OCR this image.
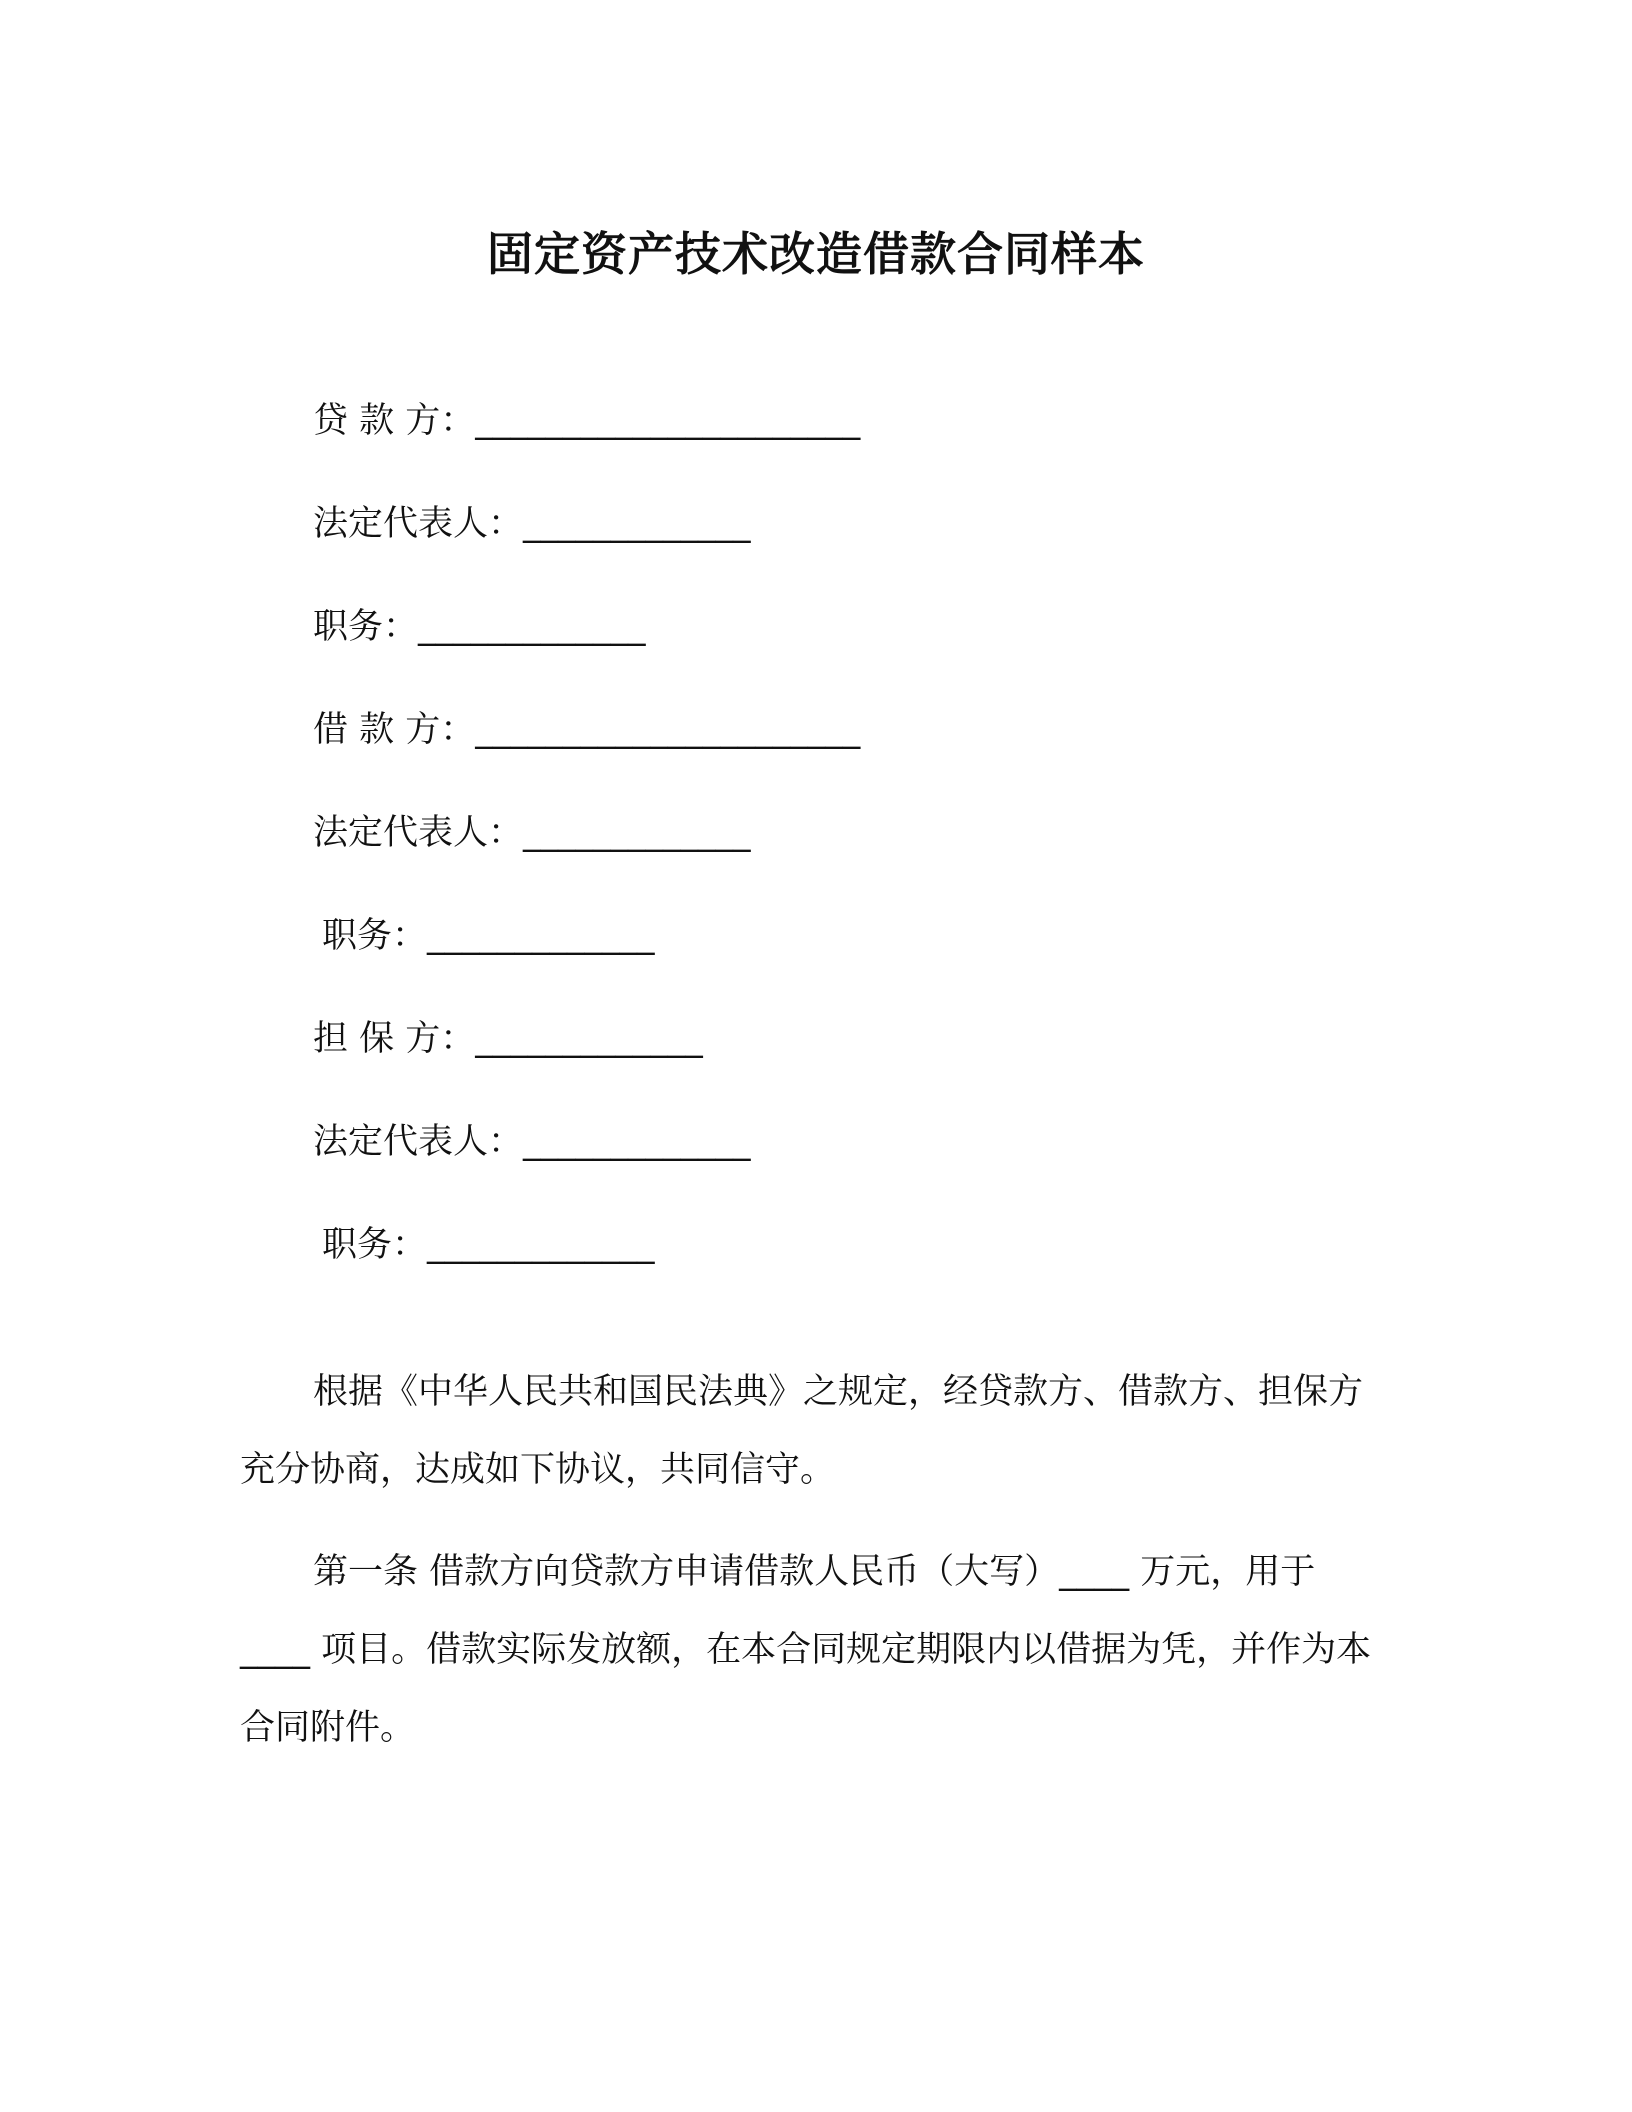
固定资产技术改造借款合同样本
贷 款 方：______________________
法定代表人：_____________
职务：_____________
借 款 方：______________________
法定代表人：_____________
职务：_____________
担 保 方：_____________
法定代表人：_____________
职务：_____________

根据《中华人民共和国民法典》之规定，经贷款方、借款方、担保方充分协商，达成如下协议，共同信守。

第一条 借款方向贷款方申请借款人民币（大写）____ 万元，用于 ____ 项目。借款实际发放额，在本合同规定期限内以借据为凭，并作为本合同附件。
